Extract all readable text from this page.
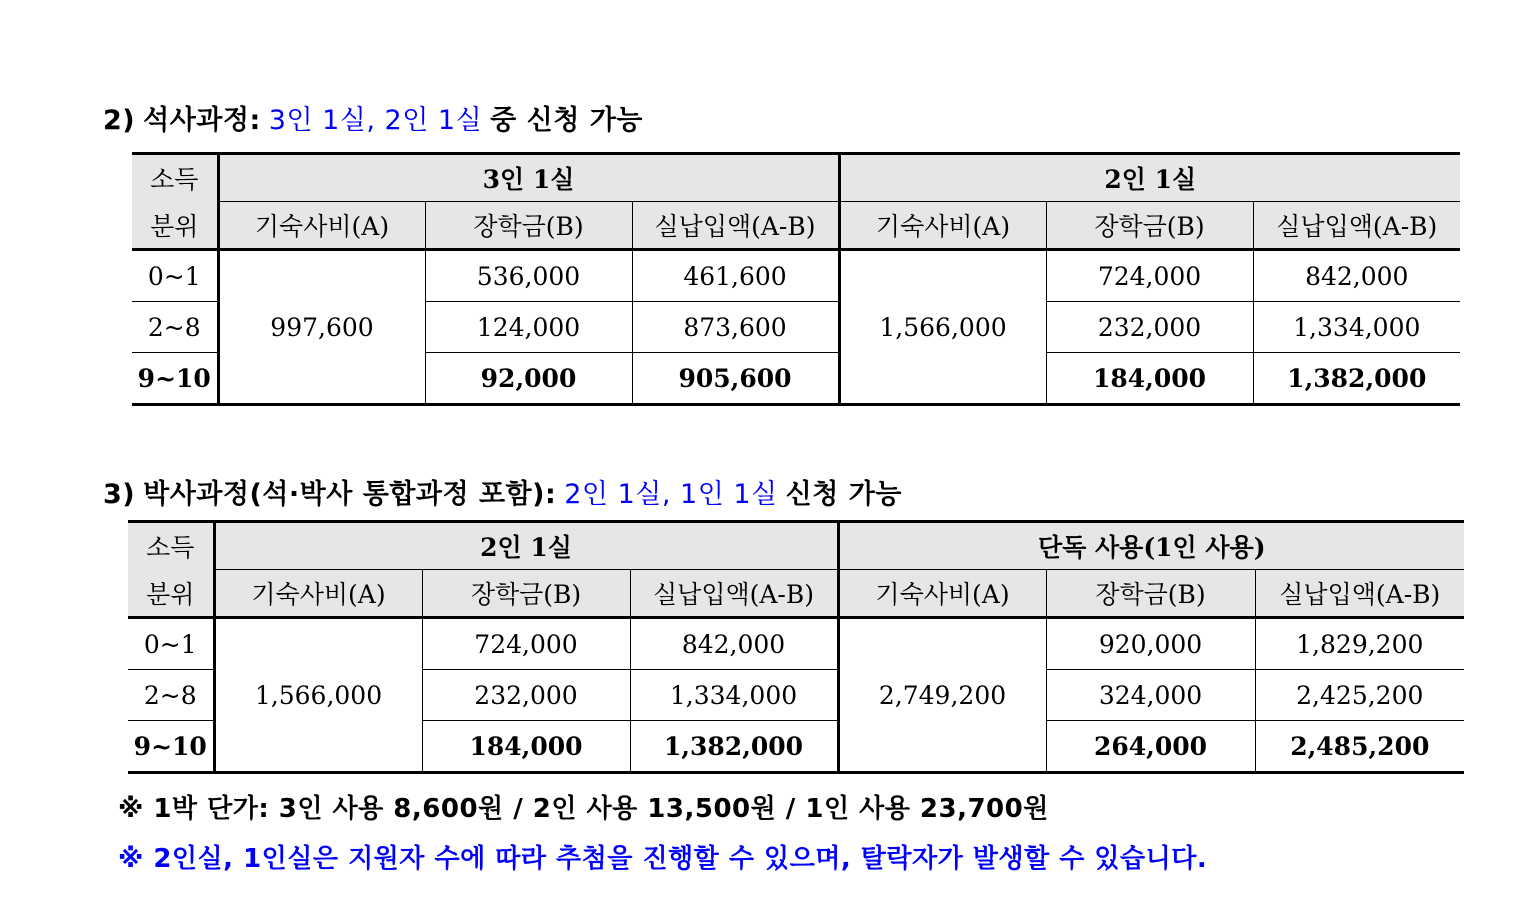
2) 석사과정: 3인 1실, 2인 1실 중 신청 가능
소득	3인 1실			2인 1실		
분위	기숙사비(A)	장학금(B)	실납입액(A-B)	기숙사비(A)	장학금(B)	실납입액(A-B)
0~1	997,600	536,000	461,600	1,566,000	724,000	842,000
2~8		124,000	873,600		232,000	1,334,000
9~10		92,000	905,600		184,000	1,382,000
3) 박사과정(석·박사 통합과정 포함): 2인 1실, 1인 1실 신청 가능
소득	2인 1실			단독 사용(1인 사용)		
분위	기숙사비(A)	장학금(B)	실납입액(A-B)	기숙사비(A)	장학금(B)	실납입액(A-B)
0~1	1,566,000	724,000	842,000	2,749,200	920,000	1,829,200
2~8		232,000	1,334,000		324,000	2,425,200
9~10		184,000	1,382,000		264,000	2,485,200
※ 1박 단가: 3인 사용 8,600원 / 2인 사용 13,500원 / 1인 사용 23,700원
※ 2인실, 1인실은 지원자 수에 따라 추첨을 진행할 수 있으며, 탈락자가 발생할 수 있습니다.
